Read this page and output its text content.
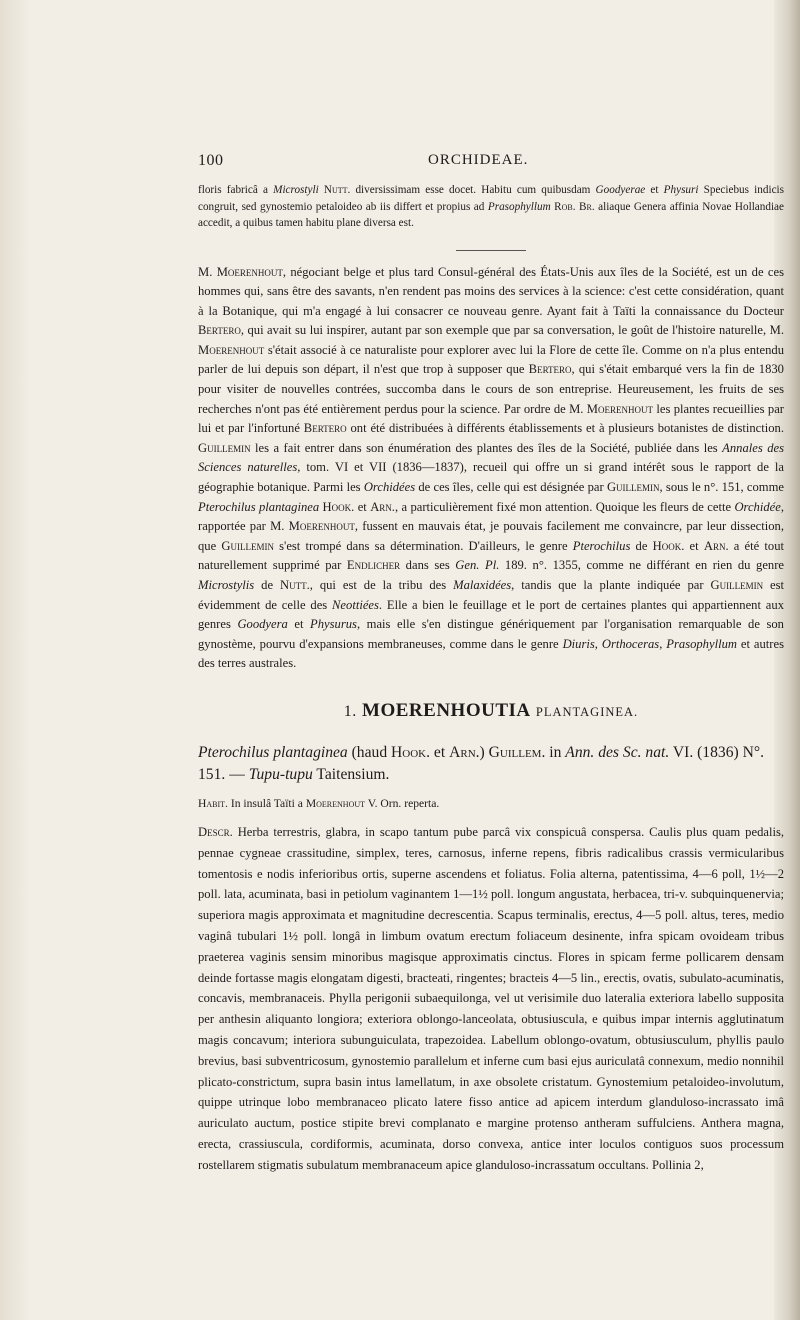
100	ORCHIDEAE.

floris fabricâ a Microstyli Nutt. diversissimam esse docet. Habitu cum quibusdam Goodyerae et Physuri Speciebus indicis congruit, sed gynostemio petaloideo ab iis differt et propius ad Prasophyllum Rob. Br. aliaque Genera affinia Novae Hollandiae accedit, a quibus tamen habitu plane diversa est.

M. Moerenhout, négociant belge et plus tard Consul-général des États-Unis aux îles de la Société, est un de ces hommes qui, sans être des savants, n'en rendent pas moins des services à la science: c'est cette considération, quant à la Botanique, qui m'a engagé à lui consacrer ce nouveau genre. Ayant fait à Taïti la connaissance du Docteur Bertero, qui avait su lui inspirer, autant par son exemple que par sa conversation, le goût de l'histoire naturelle, M. Moerenhout s'était associé à ce naturaliste pour explorer avec lui la Flore de cette île. Comme on n'a plus entendu parler de lui depuis son départ, il n'est que trop à supposer que Bertero, qui s'était embarqué vers la fin de 1830 pour visiter de nouvelles contrées, succomba dans le cours de son entreprise. Heureusement, les fruits de ses recherches n'ont pas été entièrement perdus pour la science. Par ordre de M. Moerenhout les plantes recueillies par lui et par l'infortuné Bertero ont été distribuées à différents établissements et à plusieurs botanistes de distinction. Guillemin les a fait entrer dans son énumération des plantes des îles de la Société, publiée dans les Annales des Sciences naturelles, tom. VI et VII (1836—1837), recueil qui offre un si grand intérêt sous le rapport de la géographie botanique. Parmi les Orchidées de ces îles, celle qui est désignée par Guillemin, sous le n°. 151, comme Pterochilus plantaginea Hook. et Arn., a particulièrement fixé mon attention. Quoique les fleurs de cette Orchidée, rapportée par M. Moerenhout, fussent en mauvais état, je pouvais facilement me convaincre, par leur dissection, que Guillemin s'est trompé dans sa détermination. D'ailleurs, le genre Pterochilus de Hook. et Arn. a été tout naturellement supprimé par Endlicher dans ses Gen. Pl. 189. n°. 1355, comme ne différant en rien du genre Microstylis de Nutt., qui est de la tribu des Malaxidées, tandis que la plante indiquée par Guillemin est évidemment de celle des Neottiées. Elle a bien le feuillage et le port de certaines plantes qui appartiennent aux genres Goodyera et Physurus, mais elle s'en distingue génériquement par l'organisation remarquable de son gynostème, pourvu d'expansions membraneuses, comme dans le genre Diuris, Orthoceras, Prasophyllum et autres des terres australes.

1. MOERENHOUTIA PLANTAGINEA.
Pterochilus plantaginea (haud Hook. et Arn.) Guillem. in Ann. des Sc. nat. VI. (1836) N°. 151. — Tupu-tupu Taitensium.
Habit. In insulâ Taïti a Moerenhout V. Orn. reperta.

Descr. Herba terrestris, glabra, in scapo tantum pube parcâ vix conspicuâ conspersa. Caulis plus quam pedalis, pennae cygneae crassitudine, simplex, teres, carnosus, inferne repens, fibris radicalibus crassis vermicularibus tomentosis e nodis inferioribus ortis, superne ascendens et foliatus. Folia alterna, patentissima, 4—6 poll, 1½—2 poll. lata, acuminata, basi in petiolum vaginantem 1—1½ poll. longum angustata, herbacea, tri-v. subquinquenervia; superiora magis approximata et magnitudine decrescentia. Scapus terminalis, erectus, 4—5 poll. altus, teres, medio vaginâ tubulari 1½ poll. longâ in limbum ovatum erectum foliaceum desinente, infra spicam ovoideam tribus praeterea vaginis sensim minoribus magisque approximatis cinctus. Flores in spicam ferme pollicarem densam deinde fortasse magis elongatam digesti, bracteati, ringentes; bracteis 4—5 lin., erectis, ovatis, subulato-acuminatis, concavis, membranaceis. Phylla perigonii subaequilonga, vel ut verisimile duo lateralia exteriora labello supposita per anthesin aliquanto longiora; exteriora oblongo-lanceolata, obtusiuscula, e quibus impar internis agglutinatum magis concavum; interiora subunguiculata, trapezoidea. Labellum oblongo-ovatum, obtusiusculum, phyllis paulo brevius, basi subventricosum, gynostemio parallelum et inferne cum basi ejus auriculatâ connexum, medio nonnihil plicato-constrictum, supra basin intus lamellatum, in axe obsolete cristatum. Gynostemium petaloideo-involutum, quippe utrinque lobo membranaceo plicato latere fisso antice ad apicem interdum glanduloso-incrassato imâ auriculato auctum, postice stipite brevi complanato e margine protenso antheram suffulciens. Anthera magna, erecta, crassiuscula, cordiformis, acuminata, dorso convexa, antice inter loculos contiguos suos processum rostellarem stigmatis subulatum membranaceum apice glanduloso-incrassatum occultans. Pollinia 2,
